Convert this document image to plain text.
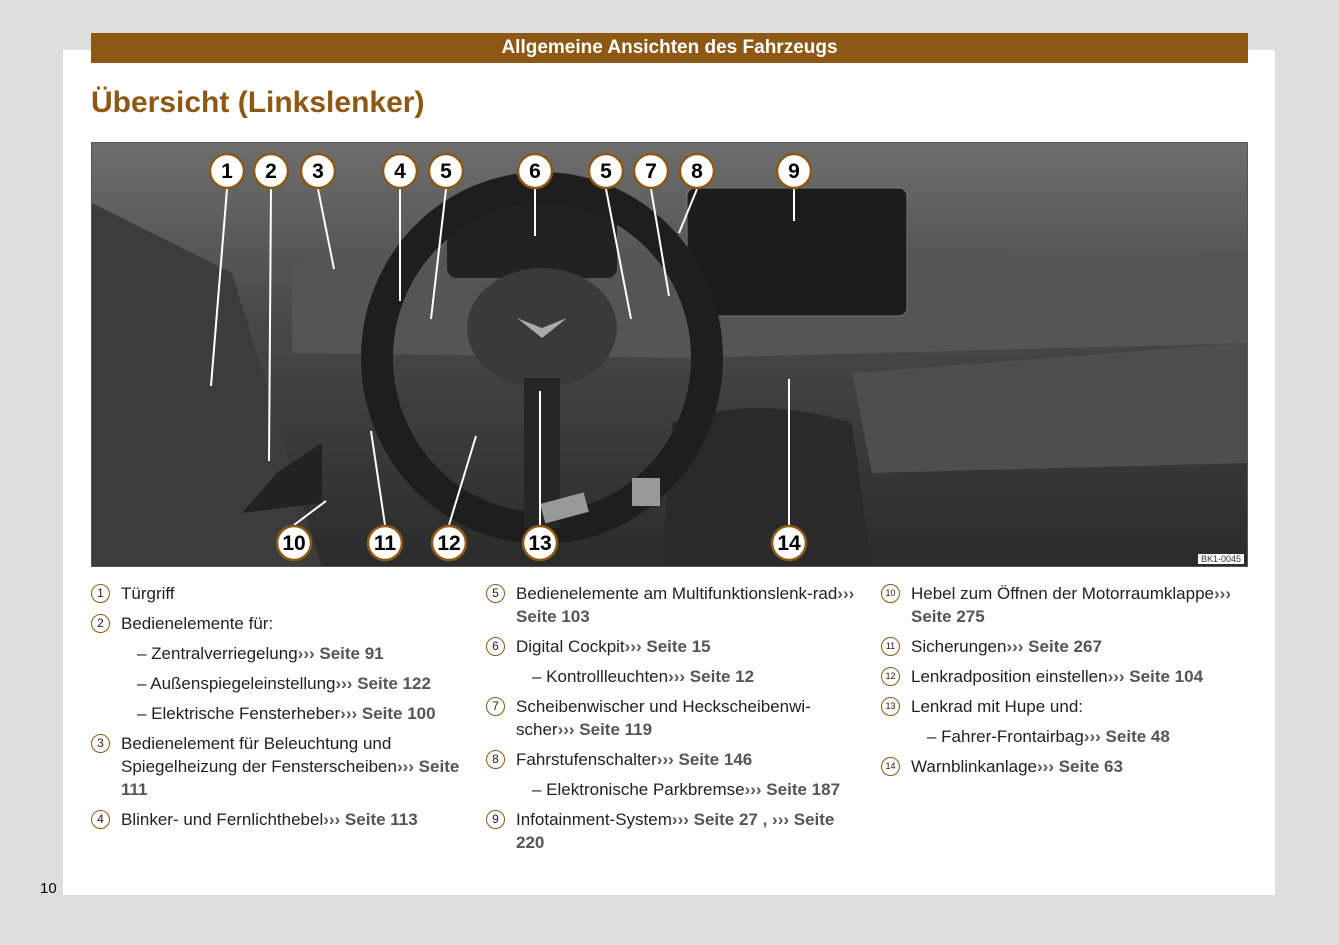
Allgemeine Ansichten des Fahrzeugs
Übersicht (Linkslenker)
1 2 3	4 5	6	5 7 8	9
10	11 12	13	14
BK1-0045
1	Türgriff
2	Bedienelemente für:
– Zentralverriegelung››› Seite 91
– Außenspiegeleinstellung››› Seite 122
– Elektrische Fensterheber››› Seite 100
3	Bedienelement für Beleuchtung und Spiegelheizung der Fensterscheiben››› Seite 111
4	Blinker- und Fernlichthebel››› Seite 113
5	Bedienelemente am Multifunktionslenk-rad››› Seite 103
6	Digital Cockpit››› Seite 15
– Kontrollleuchten››› Seite 12
7	Scheibenwischer und Heckscheibenwi-scher››› Seite 119
8	Fahrstufenschalter››› Seite 146
– Elektronische Parkbremse››› Seite 187
9	Infotainment-System››› Seite 27 , ››› Seite 220
10 Hebel zum Öffnen der Motorraumklappe››› Seite 275
11 Sicherungen››› Seite 267
12 Lenkradposition einstellen››› Seite 104
13 Lenkrad mit Hupe und:
– Fahrer-Frontairbag››› Seite 48
14 Warnblinkanlage››› Seite 63
10
